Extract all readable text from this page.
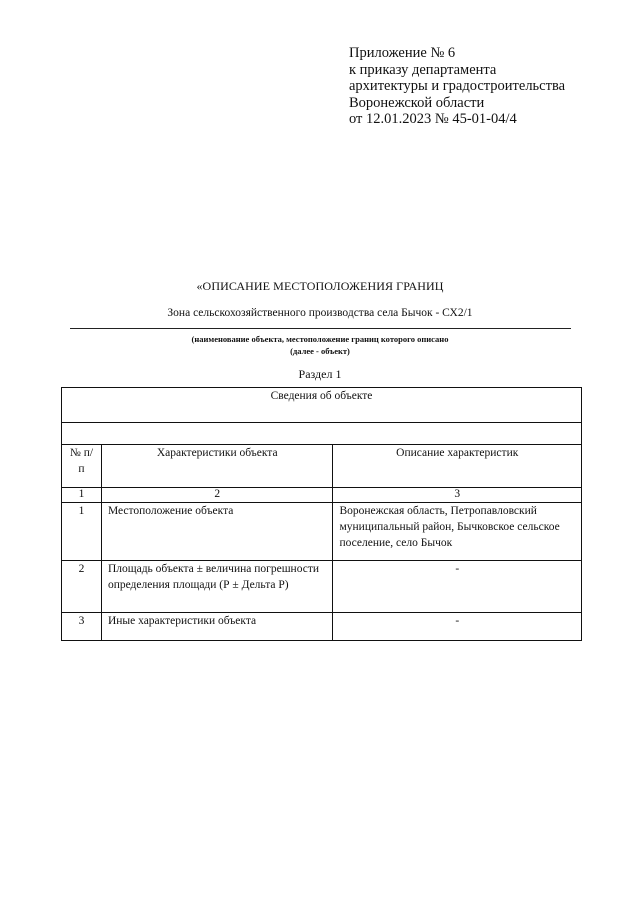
Приложение № 6
к приказу департамента
архитектуры и градостроительства
Воронежской области
от 12.01.2023 № 45-01-04/4
«ОПИСАНИЕ МЕСТОПОЛОЖЕНИЯ ГРАНИЦ
Зона сельскохозяйственного производства села Бычок - СХ2/1
(наименование объекта, местоположение границ которого описано
(далее - объект)
Раздел 1
Сведения об объекте		

№ п/п	Характеристики объекта	Описание характеристик
1	2	3
1	Местоположение объекта	Воронежская область, Петропавловский муниципальный район, Бычковское сельское поселение, село Бычок
2	Площадь объекта ± величина погрешности определения площади (Р ± Дельта Р)	-
3	Иные характеристики объекта	-
